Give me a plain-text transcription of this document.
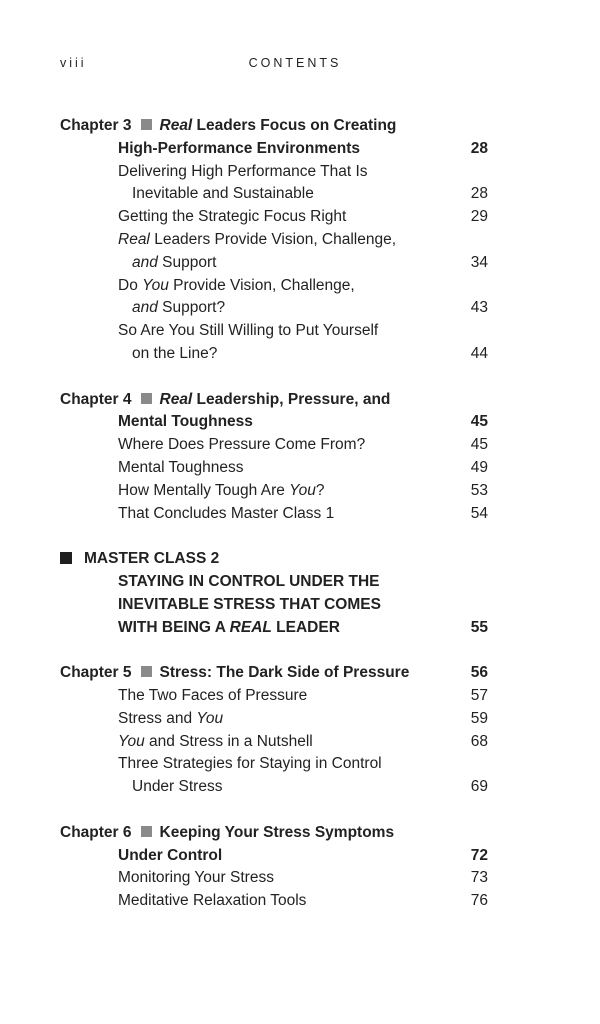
viii	CONTENTS
Chapter 3 Real Leaders Focus on Creating
High-Performance Environments	28
Delivering High Performance That Is
Inevitable and Sustainable	28
Getting the Strategic Focus Right	29
Real Leaders Provide Vision, Challenge,
and Support	34
Do You Provide Vision, Challenge,
and Support?	43
So Are You Still Willing to Put Yourself
on the Line?	44
Chapter 4 Real Leadership, Pressure, and
Mental Toughness	45
Where Does Pressure Come From?	45
Mental Toughness	49
How Mentally Tough Are You?	53
That Concludes Master Class 1	54
MASTER CLASS 2
STAYING IN CONTROL UNDER THE
INEVITABLE STRESS THAT COMES
WITH BEING A REAL LEADER	55
Chapter 5 Stress: The Dark Side of Pressure	56
The Two Faces of Pressure	57
Stress and You	59
You and Stress in a Nutshell	68
Three Strategies for Staying in Control
Under Stress	69
Chapter 6 Keeping Your Stress Symptoms
Under Control	72
Monitoring Your Stress	73
Meditative Relaxation Tools	76
